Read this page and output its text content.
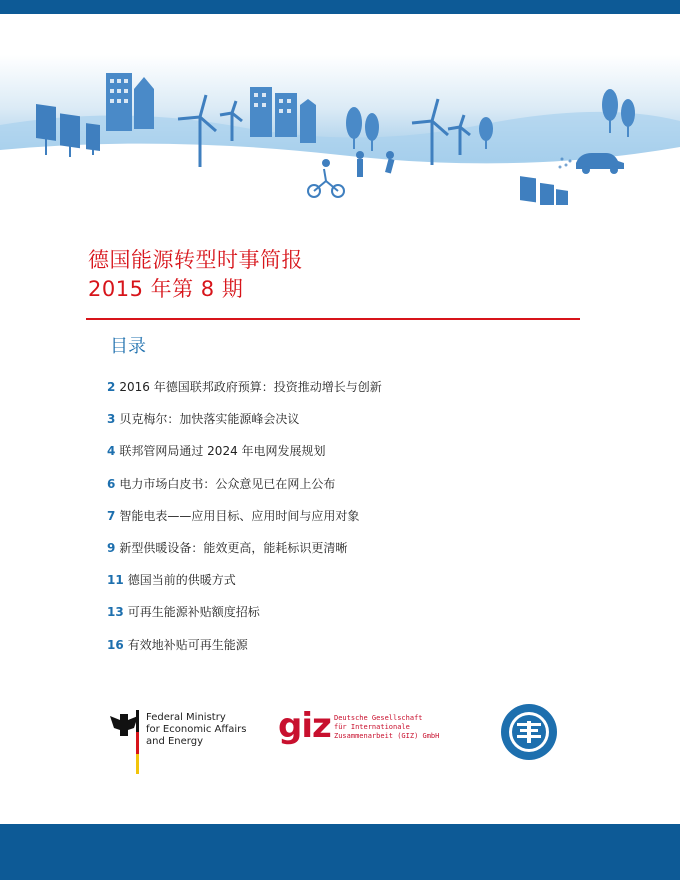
德国能源转型时事简报
2015 年第 8 期
目录
2 2016 年德国联邦政府预算：投资推动增长与创新
3 贝克梅尔：加快落实能源峰会决议
4 联邦管网局通过 2024 年电网发展规划
6 电力市场白皮书：公众意见已在网上公布
7 智能电表——应用目标、应用时间与应用对象
9 新型供暖设备：能效更高，能耗标识更清晰
11 德国当前的供暖方式
13 可再生能源补贴额度招标
16 有效地补贴可再生能源
Federal Ministry
for Economic Affairs
and Energy	giz Deutsche Gesellschaft
für Internationale
Zusammenarbeit (GIZ) GmbH
